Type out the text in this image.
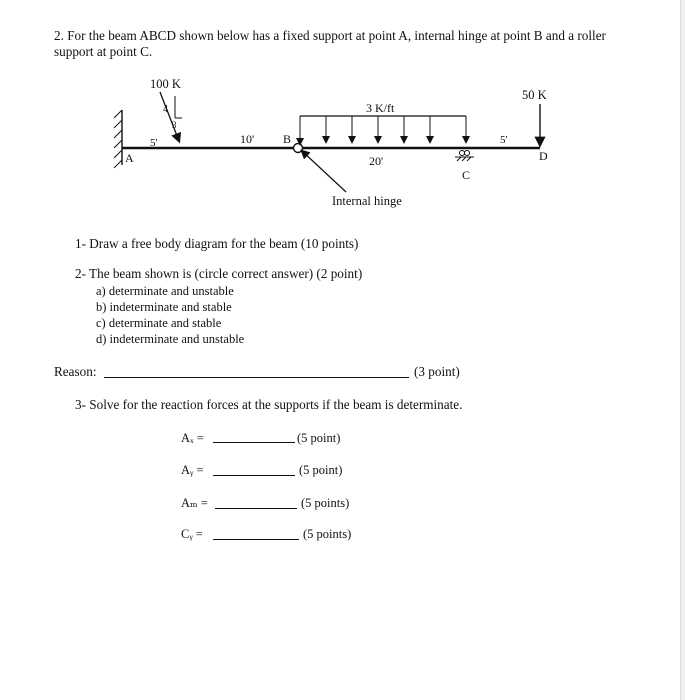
2. For the beam ABCD shown below has a fixed support at point A, internal hinge at point B and a roller
support at point C.
100 K
4
3
5'	10' B
A
3 K/ft
20'
C
5'
50 K
D
Internal hinge
1- Draw a free body diagram for the beam (10 points)
2- The beam shown is (circle correct answer) (2 point)
a) determinate and unstable
b) indeterminate and stable
c) determinate and stable
d) indeterminate and unstable
Reason:	(3 point)
3- Solve for the reaction forces at the supports if the beam is determinate.
Aₓ =	(5 point)
Aᵧ =	(5 point)
Aₘ =	(5 points)
Cᵧ =	(5 points)
